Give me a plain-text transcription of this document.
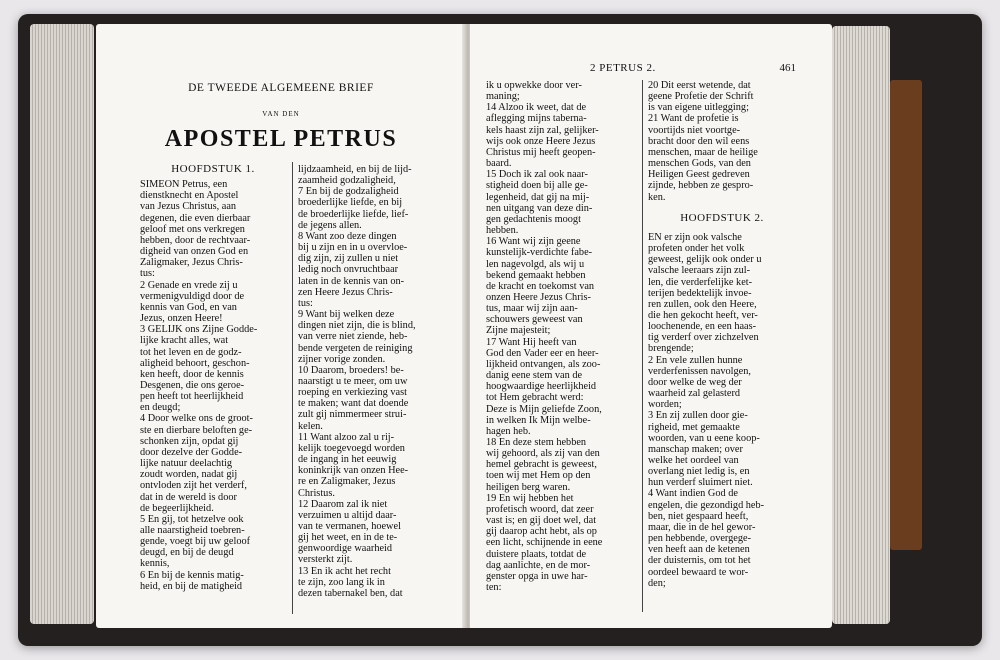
DE TWEEDE ALGEMEENE BRIEF
VAN DEN
APOSTEL PETRUS
HOOFDSTUK 1.
SIMEON Petrus, een
dienstknecht en Apostel
van Jezus Christus, aan
degenen, die even dierbaar
geloof met ons verkregen
hebben, door de rechtvaar-
digheid van onzen God en
Zaligmaker, Jezus Chris-
tus:
2 Genade en vrede zij u
vermenigvuldigd door de
kennis van God, en van
Jezus, onzen Heere!
3 GELIJK ons Zijne Godde-
lijke kracht alles, wat
tot het leven en de godz-
aligheid behoort, geschon-
ken heeft, door de kennis
Desgenen, die ons geroe-
pen heeft tot heerlijkheid
en deugd;
4 Door welke ons de groot-
ste en dierbare beloften ge-
schonken zijn, opdat gij
door dezelve der Godde-
lijke natuur deelachtig
zoudt worden, nadat gij
ontvloden zijt het verderf,
dat in de wereld is door
de begeerlijkheid.
5 En gij, tot hetzelve ook
alle naarstigheid toebren-
gende, voegt bij uw geloof
deugd, en bij de deugd
kennis,
6 En bij de kennis matig-
heid, en bij de matigheid
lijdzaamheid, en bij de lijd-
zaamheid godzaligheid,
7 En bij de godzaligheid
broederlijke liefde, en bij
de broederlijke liefde, lief-
de jegens allen.
8 Want zoo deze dingen
bij u zijn en in u overvloe-
dig zijn, zij zullen u niet
ledig noch onvruchtbaar
laten in de kennis van on-
zen Heere Jezus Chris-
tus:
9 Want bij welken deze
dingen niet zijn, die is blind,
van verre niet ziende, heb-
bende vergeten de reiniging
zijner vorige zonden.
10 Daarom, broeders! be-
naarstigt u te meer, om uw
roeping en verkiezing vast
te maken; want dat doende
zult gij nimmermeer strui-
kelen.
11 Want alzoo zal u rij-
kelijk toegevoegd worden
de ingang in het eeuwig
koninkrijk van onzen Hee-
re en Zaligmaker, Jezus
Christus.
12 Daarom zal ik niet
verzuimen u altijd daar-
van te vermanen, hoewel
gij het weet, en in de te-
genwoordige waarheid
versterkt zijt.
13 En ik acht het recht
te zijn, zoo lang ik in
dezen tabernakel ben, dat
2 PETRUS 2.	461
ik u opwekke door ver-
maning;
14 Alzoo ik weet, dat de
aflegging mijns taberna-
kels haast zijn zal, gelijker-
wijs ook onze Heere Jezus
Christus mij heeft geopen-
baard.
15 Doch ik zal ook naar-
stigheid doen bij alle ge-
legenheid, dat gij na mij-
nen uitgang van deze din-
gen gedachtenis moogt
hebben.
16 Want wij zijn geene
kunstelijk-verdichte fabe-
len nagevolgd, als wij u
bekend gemaakt hebben
de kracht en toekomst van
onzen Heere Jezus Chris-
tus, maar wij zijn aan-
schouwers geweest van
Zijne majesteit;
17 Want Hij heeft van
God den Vader eer en heer-
lijkheid ontvangen, als zoo-
danig eene stem van de
hoogwaardige heerlijkheid
tot Hem gebracht werd:
Deze is Mijn geliefde Zoon,
in welken Ik Mijn welbe-
hagen heb.
18 En deze stem hebben
wij gehoord, als zij van den
hemel gebracht is geweest,
toen wij met Hem op den
heiligen berg waren.
19 En wij hebben het
profetisch woord, dat zeer
vast is; en gij doet wel, dat
gij daarop acht hebt, als op
een licht, schijnende in eene
duistere plaats, totdat de
dag aanlichte, en de mor-
genster opga in uwe har-
ten:
20 Dit eerst wetende, dat
geene Profetie der Schrift
is van eigene uitlegging;
21 Want de profetie is
voortijds niet voortge-
bracht door den wil eens
menschen, maar de heilige
menschen Gods, van den
Heiligen Geest gedreven
zijnde, hebben ze gespro-
ken.
HOOFDSTUK 2.
EN er zijn ook valsche
profeten onder het volk
geweest, gelijk ook onder u
valsche leeraars zijn zul-
len, die verderfelijke ket-
terijen bedektelijk invoe-
ren zullen, ook den Heere,
die hen gekocht heeft, ver-
loochenende, en een haas-
tig verderf over zichzelven
brengende;
2 En vele zullen hunne
verderfenissen navolgen,
door welke de weg der
waarheid zal gelasterd
worden;
3 En zij zullen door gie-
righeid, met gemaakte
woorden, van u eene koop-
manschap maken; over
welke het oordeel van
overlang niet ledig is, en
hun verderf sluimert niet.
4 Want indien God de
engelen, die gezondigd heb-
ben, niet gespaard heeft,
maar, die in de hel gewor-
pen hebbende, overgege-
ven heeft aan de ketenen
der duisternis, om tot het
oordeel bewaard te wor-
den;
